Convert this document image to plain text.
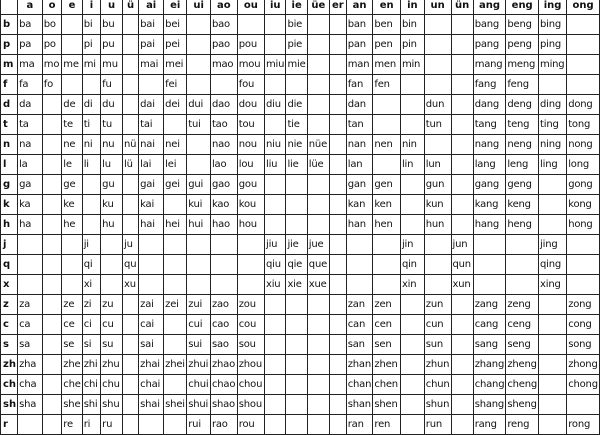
	a	o	e	i	u	ü	ai	ei	ui	ao	ou	iu	ie	üe	er	an	en	in	un	ün	ang	eng	ing	ong
b	ba	bo		bi	bu		bai	bei		bao			bie			ban	ben	bin			bang	beng	bing	
p	pa	po		pi	pu		pai	pei		pao	pou		pie			pan	pen	pin			pang	peng	ping	
m	ma	mo	me	mi	mu		mai	mei		mao	mou	miu	mie			man	men	min			mang	meng	ming	
f	fa	fo			fu			fei			fou					fan	fen				fang	feng		
d	da		de	di	du		dai	dei	dui	dao	dou	diu	die			dan			dun		dang	deng	ding	dong
t	ta		te	ti	tu		tai		tui	tao	tou		tie			tan			tun		tang	teng	ting	tong
n	na		ne	ni	nu	nü	nai	nei		nao	nou	niu	nie	nüe		nan	nen	nin			nang	neng	ning	nong
l	la		le	li	lu	lü	lai	lei		lao	lou	liu	lie	lüe		lan		lin	lun		lang	leng	ling	long
g	ga		ge		gu		gai	gei	gui	gao	gou					gan	gen		gun		gang	geng		gong
k	ka		ke		ku		kai		kui	kao	kou					kan	ken		kun		kang	keng		kong
h	ha		he		hu		hai	hei	hui	hao	hou					han	hen		hun		hang	heng		hong
j				ji		ju						jiu	jie	jue				jin		jun			jing	
q				qi		qu						qiu	qie	que				qin		qun			qing	
x				xi		xu						xiu	xie	xue				xin		xun			xing	
z	za		ze	zi	zu		zai	zei	zui	zao	zou					zan	zen		zun		zang	zeng		zong
c	ca		ce	ci	cu		cai		cui	cao	cou					can	cen		cun		cang	ceng		cong
s	sa		se	si	su		sai		sui	sao	sou					san	sen		sun		sang	seng		song
zh	zha		zhe	zhi	zhu		zhai	zhei	zhui	zhao	zhou					zhan	zhen		zhun		zhang	zheng		zhong
ch	cha		che	chi	chu		chai		chui	chao	chou					chan	chen		chun		chang	cheng		chong
sh	sha		she	shi	shu		shai	shei	shui	shao	shou					shan	shen		shun		shang	sheng		
r			re	ri	ru				rui	rao	rou					ran	ren		run		rang	reng		rong
